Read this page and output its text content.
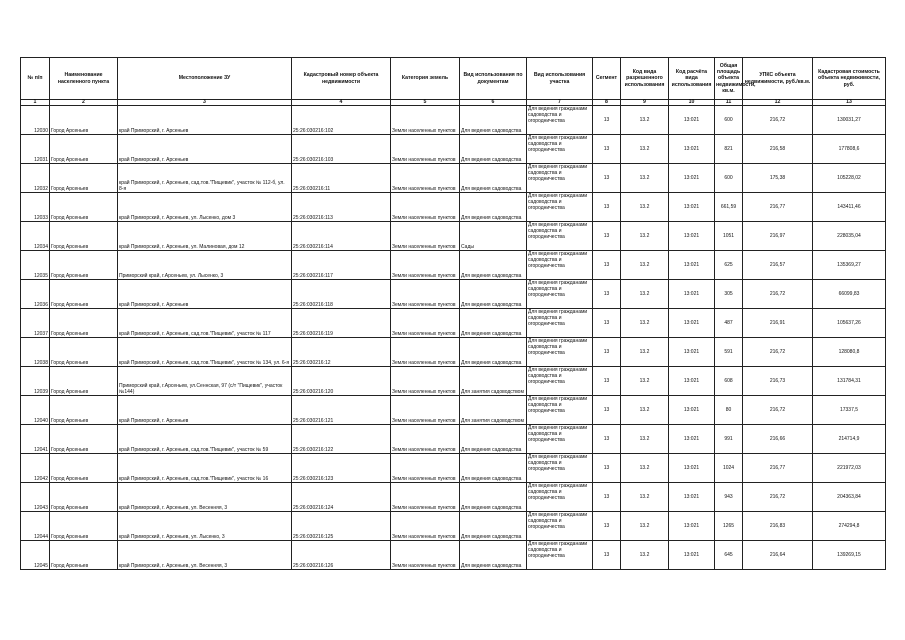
№ п/п	Наименование населенного пункта	Местоположение ЗУ	Кадастровый номер объекта недвижимости	Категория земель	Вид использования по документам	Вид использования участка	Сегмент	Код вида разрешенного использования	Код расчёта вида использования	Общая площадь объекта недвижимости, кв.м.	УПКС объекта недвижимости, руб./кв.м.	Кадастровая стоимость объекта недвижимости, руб.
1	2	3	4	5	6	7	8	9	10	11	12	13
12030	Город Арсеньев	край Приморский, г. Арсеньев	25:26:030216:102	Земли населенных пунктов	Для ведения садоводства	Для ведения гражданами садоводства и огородничества	13	13.2	13:021	600	216,72	130031,27
12031	Город Арсеньев	край Приморский, г. Арсеньев	25:26:030216:103	Земли населенных пунктов	Для ведения садоводства	Для ведения гражданами садоводства и огородничества	13	13.2	13:021	821	216,58	177808,6
12032	Город Арсеньев	край Приморский, г. Арсеньев, сад.тов."Пищевик", участок № 112-б, ул. 8-я	25:26:030216:11	Земли населенных пунктов	Для ведения садоводства	Для ведения гражданами садоводства и огородничества	13	13.2	13:021	600	175,38	105228,02
12033	Город Арсеньев	край Приморский, г. Арсеньев, ул. Лысенко, дом 3	25:26:030216:113	Земли населенных пунктов	Для ведения садоводства	Для ведения гражданами садоводства и огородничества	13	13.2	13:021	661,59	216,77	143411,46
12034	Город Арсеньев	край Приморский, г. Арсеньев, ул. Малиновая, дом 12	25:26:030216:114	Земли населенных пунктов	Сады	Для ведения гражданами садоводства и огородничества	13	13.2	13:021	1051	216,97	228035,04
12035	Город Арсеньев	Приморский край, г.Арсеньев, ул. Лысенко, 3	25:26:030216:117	Земли населенных пунктов	Для ведения садоводства	Для ведения гражданами садоводства и огородничества	13	13.2	13:021	625	216,57	135369,27
12036	Город Арсеньев	край Приморский, г. Арсеньев	25:26:030216:118	Земли населенных пунктов	Для ведения садоводства	Для ведения гражданами садоводства и огородничества	13	13.2	13:021	305	216,72	66099,83
12037	Город Арсеньев	край Приморский, г. Арсеньев, сад.тов."Пищевик", участок № 117	25:26:030216:119	Земли населенных пунктов	Для ведения садоводства	Для ведения гражданами садоводства и огородничества	13	13.2	13:021	487	216,91	105637,26
12038	Город Арсеньев	край Приморский, г. Арсеньев, сад.тов."Пищевик", участок № 134, ул. 6-я	25:26:030216:12	Земли населенных пунктов	Для ведения садоводства	Для ведения гражданами садоводства и огородничества	13	13.2	13:021	591	216,72	128080,8
12039	Город Арсеньев	Приморский край, г.Арсеньев, ул.Сеннская, 97 (с/т "Пищевик", участок №144)	25:26:030216:120	Земли населенных пунктов	Для занятия садоводством	Для ведения гражданами садоводства и огородничества	13	13.2	13:021	608	216,73	131784,31
12040	Город Арсеньев	край Приморский, г. Арсеньев	25:26:030216:121	Земли населенных пунктов	Для занятия садоводством	Для ведения гражданами садоводства и огородничества	13	13.2	13:021	80	216,72	17337,5
12041	Город Арсеньев	край Приморский, г. Арсеньев, сад.тов."Пищевик", участок № 59	25:26:030216:122	Земли населенных пунктов	Для ведения садоводства	Для ведения гражданами садоводства и огородничества	13	13.2	13:021	991	216,66	214714,9
12042	Город Арсеньев	край Приморский, г. Арсеньев, сад.тов."Пищевик", участок № 16	25:26:030216:123	Земли населенных пунктов	Для ведения садоводства	Для ведения гражданами садоводства и огородничества	13	13.2	13:021	1024	216,77	221972,03
12043	Город Арсеньев	край Приморский, г. Арсеньев, ул. Весенняя, 3	25:26:030216:124	Земли населенных пунктов	Для ведения садоводства	Для ведения гражданами садоводства и огородничества	13	13.2	13:021	943	216,72	204363,84
12044	Город Арсеньев	край Приморский, г. Арсеньев, ул. Лысенко, 3	25:26:030216:125	Земли населенных пунктов	Для ведения садоводства	Для ведения гражданами садоводства и огородничества	13	13.2	13:021	1265	216,83	274294,8
12045	Город Арсеньев	край Приморский, г. Арсеньев, ул. Весенняя, 3	25:26:030216:126	Земли населенных пунктов	Для ведения садоводства	Для ведения гражданами садоводства и огородничества	13	13.2	13:021	645	216,64	139269,15
